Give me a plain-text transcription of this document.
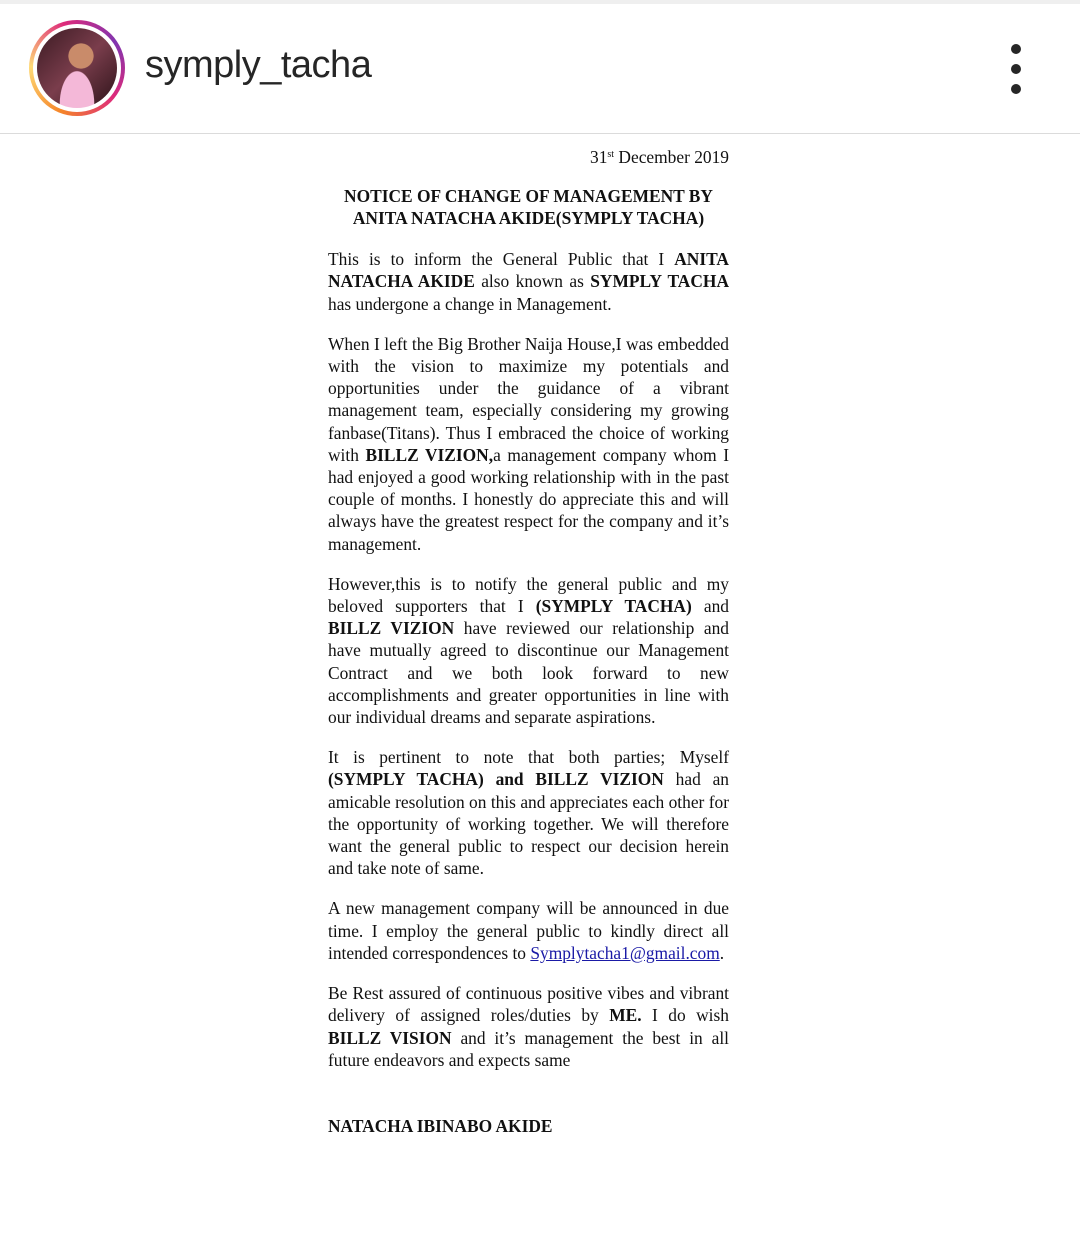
symply_tacha
31st December 2019
NOTICE OF CHANGE OF MANAGEMENT BY
ANITA NATACHA AKIDE(SYMPLY TACHA)

This is to inform the General Public that I ANITA NATACHA AKIDE also known as SYMPLY TACHA has undergone a change in Management.

When I left the Big Brother Naija House,I was embedded with the vision to maximize my potentials and opportunities under the guidance of a vibrant management team, especially considering my growing fanbase(Titans). Thus I embraced the choice of working with BILLZ VIZION,a management company whom I had enjoyed a good working relationship with in the past couple of months. I honestly do appreciate this and will always have the greatest respect for the company and it’s management.

However,this is to notify the general public and my beloved supporters that I (SYMPLY TACHA) and BILLZ VIZION have reviewed our relationship and have mutually agreed to discontinue our Management Contract and we both look forward to new accomplishments and greater opportunities in line with our individual dreams and separate aspirations.

It is pertinent to note that both parties; Myself (SYMPLY TACHA) and BILLZ VIZION had an amicable resolution on this and appreciates each other for the opportunity of working together. We will therefore want the general public to respect our decision herein and take note of same.

A new management company will be announced in due time. I employ the general public to kindly direct all intended correspondences to Symplytacha1@gmail.com.

Be Rest assured of continuous positive vibes and vibrant delivery of assigned roles/duties by ME. I do wish BILLZ VISION and it’s management the best in all future endeavors and expects same

NATACHA IBINABO AKIDE
